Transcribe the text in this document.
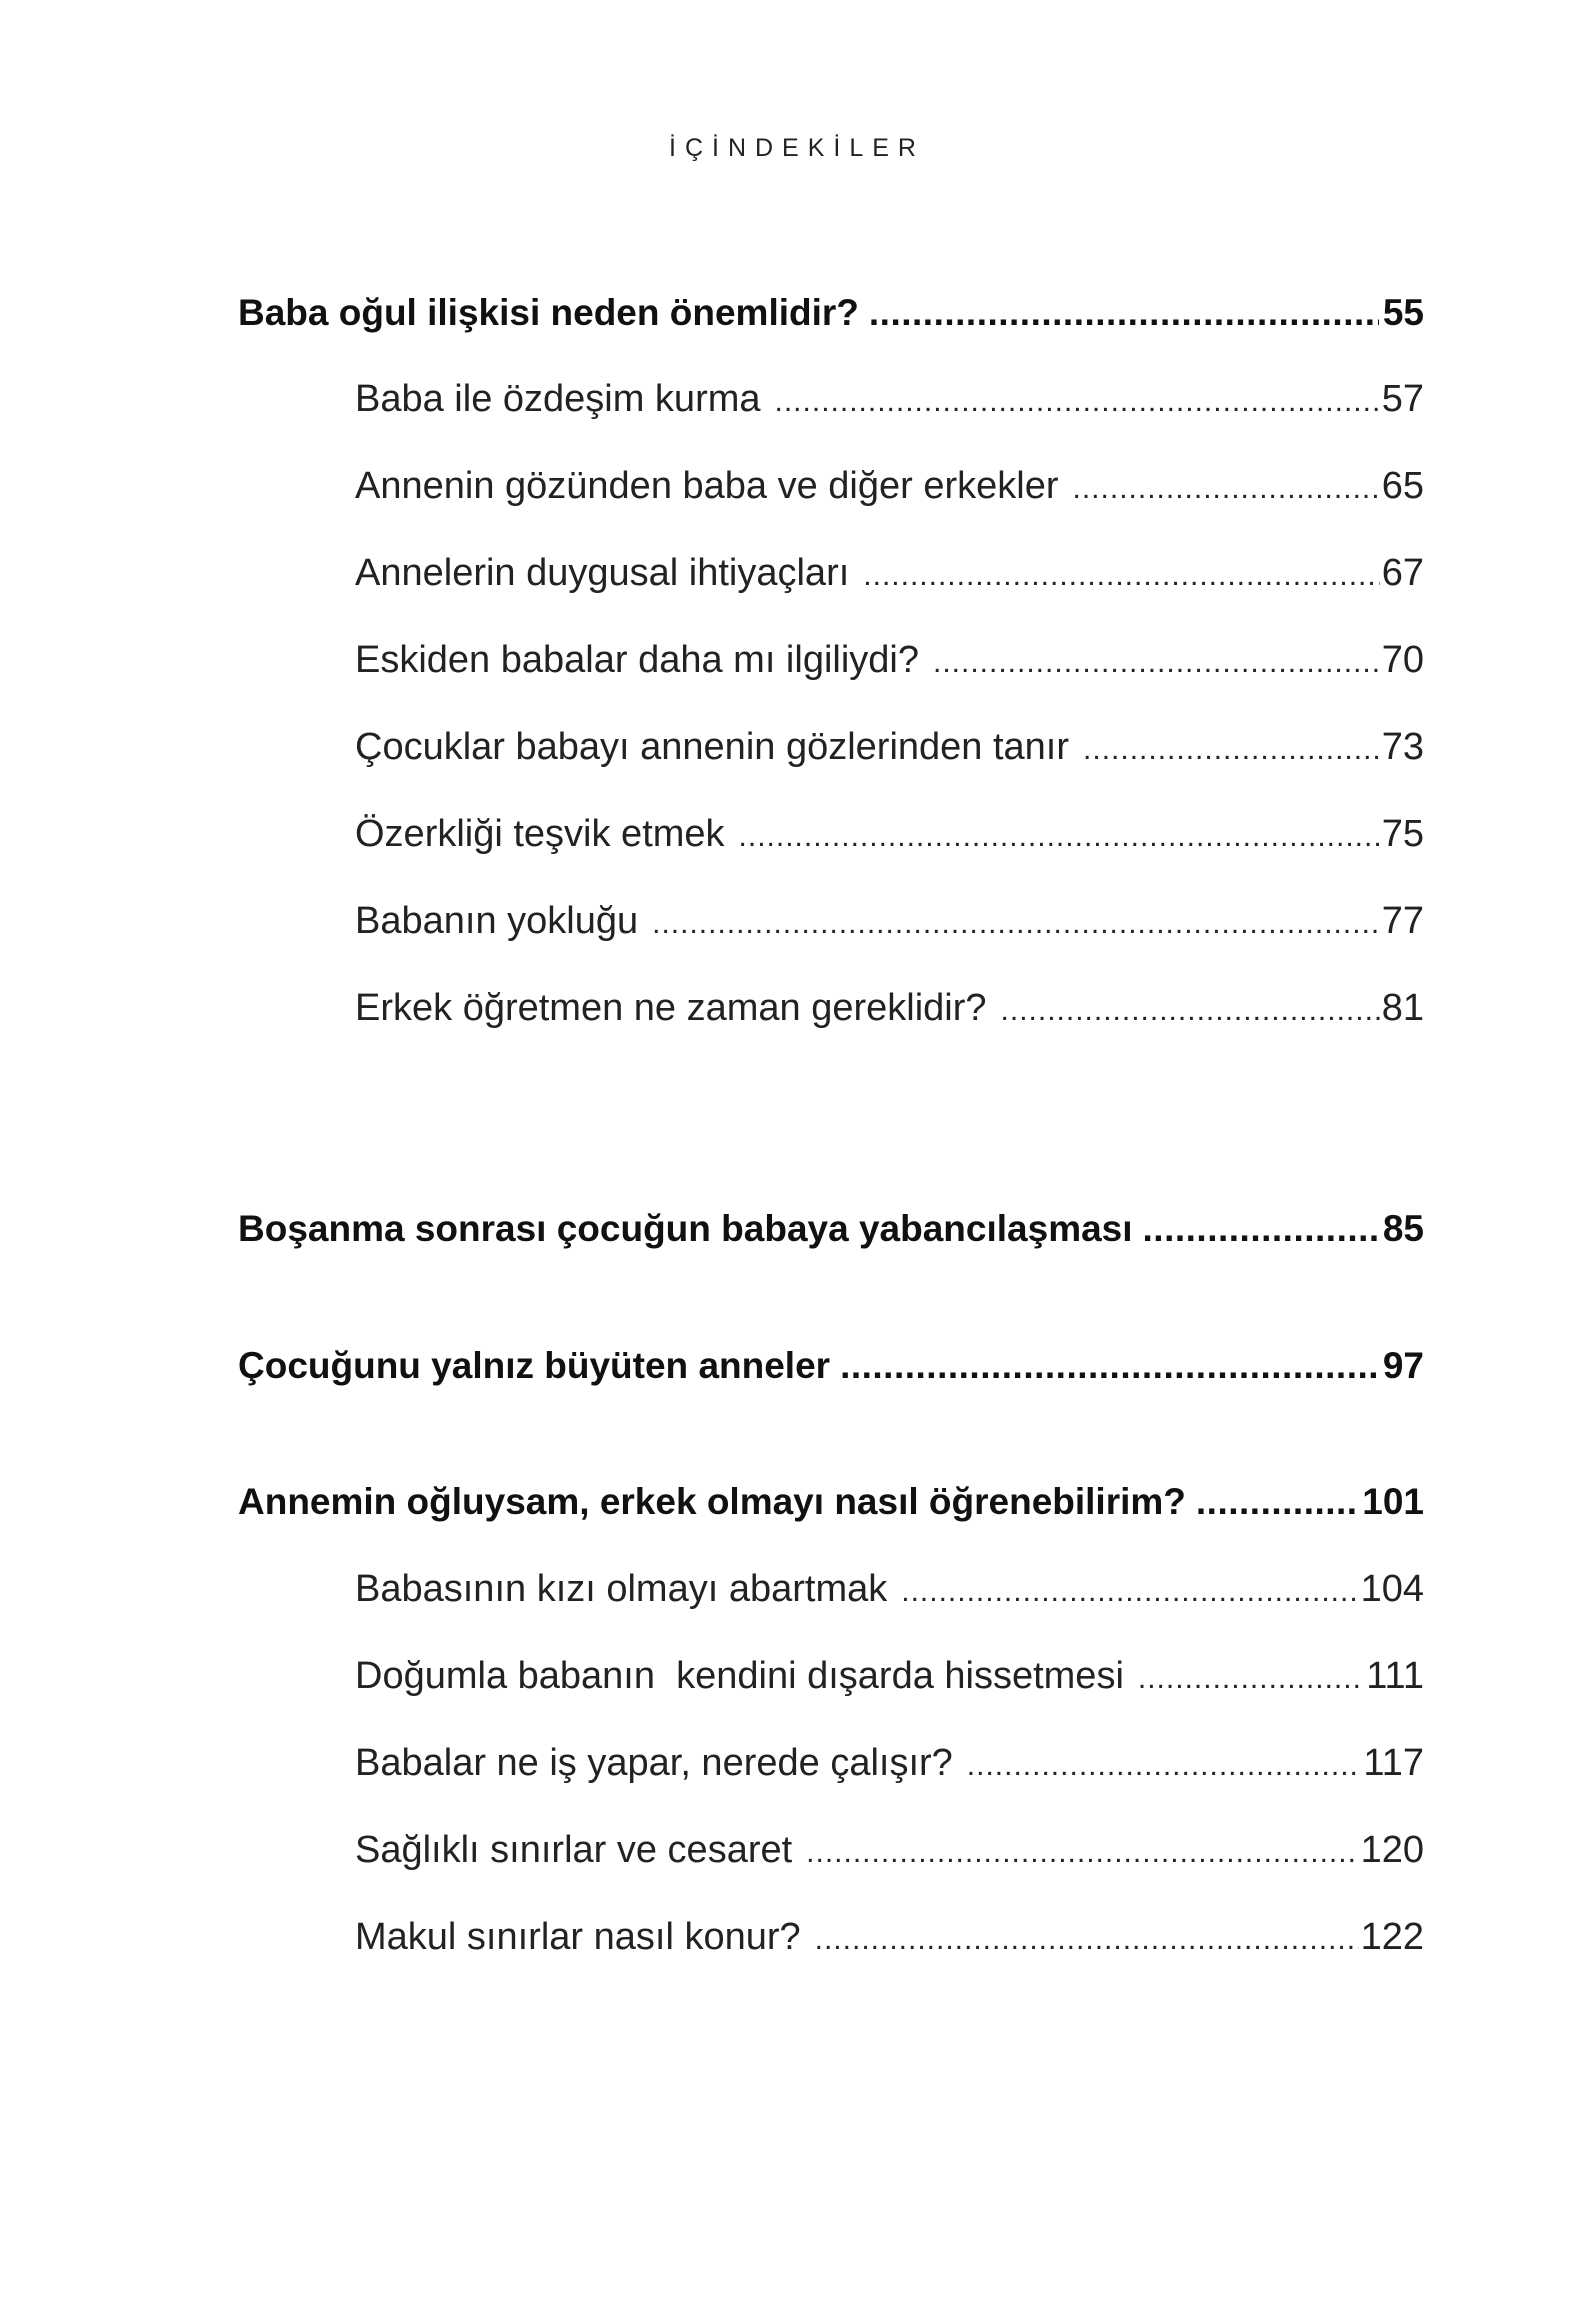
İÇİNDEKİLER
Baba oğul ilişkisi neden önemlidir? .....	55
Baba ile özdeşim kurma .....	57
Annenin gözünden baba ve diğer erkekler .....	65
Annelerin duygusal ihtiyaçları .....	67
Eskiden babalar daha mı ilgiliydi? .....	70
Çocuklar babayı annenin gözlerinden tanır .....	73
Özerkliği teşvik etmek .....	75
Babanın yokluğu .....	77
Erkek öğretmen ne zaman gereklidir? .....	81
Boşanma sonrası çocuğun babaya yabancılaşması .....	85
Çocuğunu yalnız büyüten anneler .....	97
Annemin oğluysam, erkek olmayı nasıl öğrenebilirim? .....	101
Babasının kızı olmayı abartmak .....	104
Doğumla babanın  kendini dışarda hissetmesi .....	111
Babalar ne iş yapar, nerede çalışır? .....	117
Sağlıklı sınırlar ve cesaret .....	120
Makul sınırlar nasıl konur? .....	122
